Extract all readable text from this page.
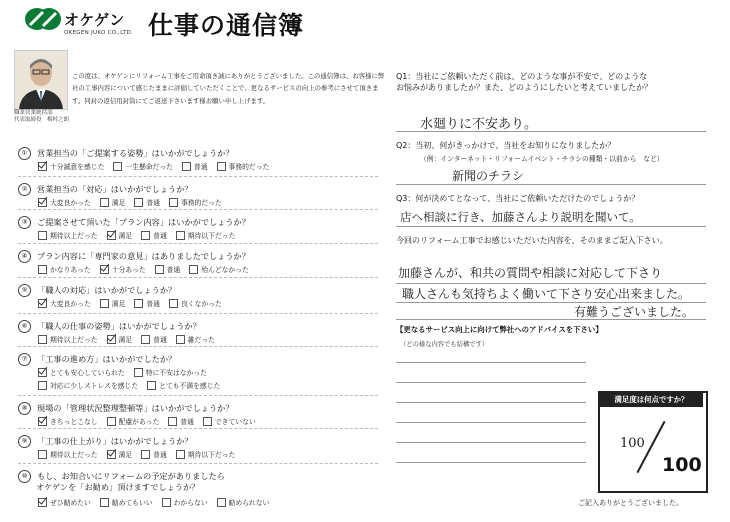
オケゲン
OKEGEN JUKO CO.,LTD. 仕事の通信簿
職業営業統括部
代表取締役　梅村之朗
この度は、オケゲンにリフォーム工事をご用命頂き誠にありがとうございました。この通信簿は、お客様に弊社の工事内容について感じたままに評価していただくことで、更なるサービスの向上の参考にさせて頂きます。同封の返信用封筒にてご返送下さいます様お願い申し上げます。
① 営業担当の「ご提案する姿勢」はいかがでしょうか？
十分誠意を感じた	一生懸命だった	普通	事務的だった
② 営業担当の「対応」はいかがでしょうか？
大変良かった	満足	普通	事務的だった
③ ご提案させて頂いた「プラン内容」はいかがでしょうか？
期待以上だった	満足	普通	期待以下だった
④ プラン内容に「専門家の意見」はありましたでしょうか？
かなりあった	十分あった	普通	殆んどなかった
⑤ 「職人の対応」はいかがでしょうか？
大変良かった	満足	普通	良くなかった
⑥ 「職人の仕事の姿勢」はいかがでしょうか？
期待以上だった	満足	普通	雑だった
⑦ 「工事の進め方」はいかがでしたか？
とても安心していられた	特に不安はなかった
対応に少しストレスを感じた	とても不満を感じた
⑧ 現場の「管理状況整理整頓等」はいかがでしょうか？
きちっとこなし	配慮があった	普通	できていない
⑨ 「工事の仕上がり」はいかがでしょうか？
期待以上だった	満足	普通	期待以下だった
⑩ もし、お知合いにリフォームの予定がありましたら
オケゲンを「お勧め」頂けますでしょうか？
ぜひ勧めたい	勧めてもいい	わからない	勧められない
Q1：当社にご依頼いただく前は、どのような事が不安で、どのような
お悩みがありましたか？また、どのようにしたいと考えていましたか？
水廻りに不安あり。
Q2：当初、何がきっかけで、当社をお知りになりましたか？
（例：インターネット・リフォームイベント・チラシの種類・以前から　など）
新聞のチラシ
Q3：何が決めてとなって、当社にご依頼いただけたのでしょうか？
店へ相談に行き、加藤さんより説明を聞いて。
今回のリフォーム工事でお感じいただいた内容を、そのままご記入下さい。
加藤さんが、和共の質問や相談に対応して下さり
職人さんも気持ちよく働いて下さり安心出来ました。
有難うございました。
【更なるサービス向上に向けて弊社へのアドバイスを下さい】
（どの様な内容でも結構です）
満足度は何点ですか？
100
100
ご記入ありがとうございました。
